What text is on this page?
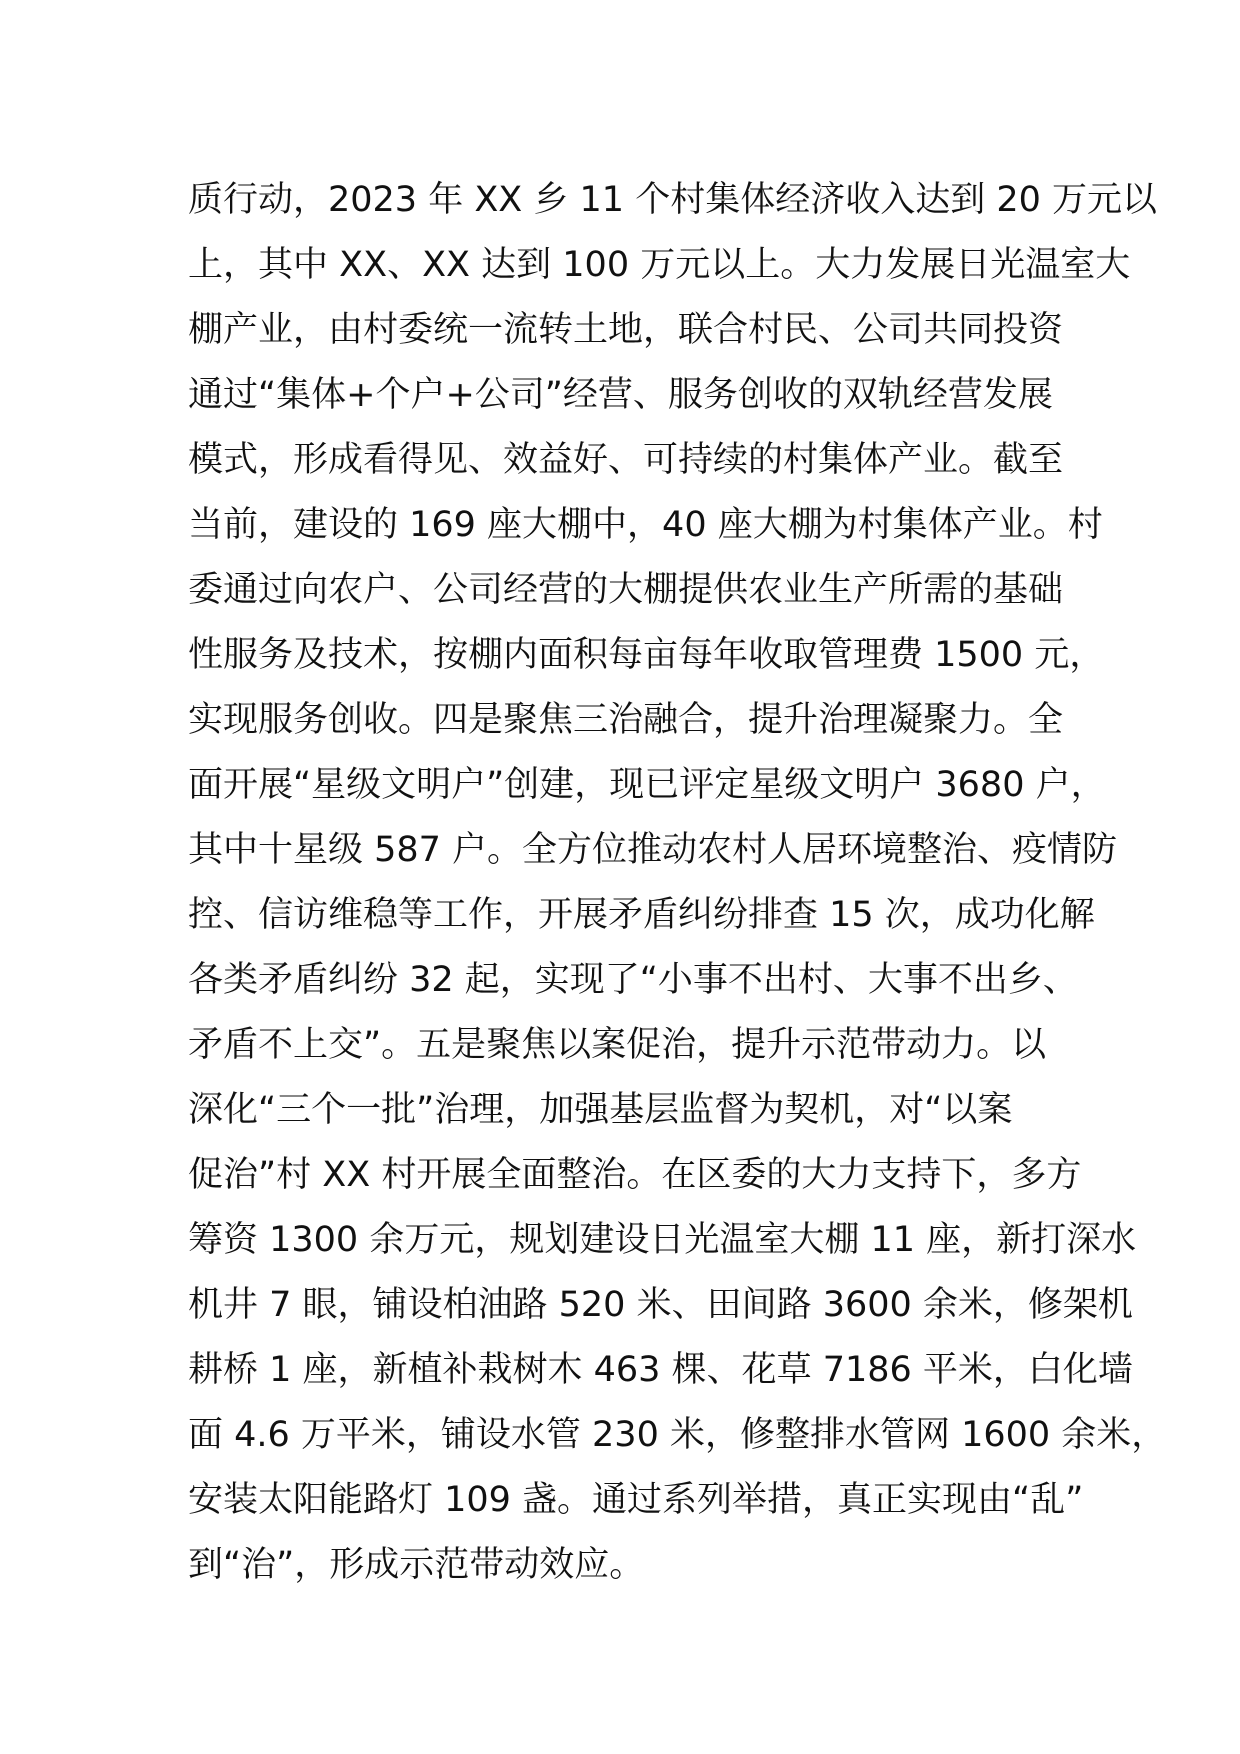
质行动，2023 年 XX 乡 11 个村集体经济收入达到 20 万元以
上，其中 XX、XX 达到 100 万元以上。大力发展日光温室大
棚产业，由村委统一流转土地，联合村民、公司共同投资
通过“集体+个户+公司”经营、服务创收的双轨经营发展
模式，形成看得见、效益好、可持续的村集体产业。截至
当前，建设的 169 座大棚中，40 座大棚为村集体产业。村
委通过向农户、公司经营的大棚提供农业生产所需的基础
性服务及技术，按棚内面积每亩每年收取管理费 1500 元，
实现服务创收。四是聚焦三治融合，提升治理凝聚力。全
面开展“星级文明户”创建，现已评定星级文明户 3680 户，
其中十星级 587 户。全方位推动农村人居环境整治、疫情防
控、信访维稳等工作，开展矛盾纠纷排查 15 次，成功化解
各类矛盾纠纷 32 起，实现了“小事不出村、大事不出乡、
矛盾不上交”。五是聚焦以案促治，提升示范带动力。以
深化“三个一批”治理，加强基层监督为契机，对“以案
促治”村 XX 村开展全面整治。在区委的大力支持下，多方
筹资 1300 余万元，规划建设日光温室大棚 11 座，新打深水
机井 7 眼，铺设柏油路 520 米、田间路 3600 余米，修架机
耕桥 1 座，新植补栽树木 463 棵、花草 7186 平米，白化墙
面 4.6 万平米，铺设水管 230 米，修整排水管网 1600 余米，
安装太阳能路灯 109 盏。通过系列举措，真正实现由“乱”
到“治”，形成示范带动效应。
